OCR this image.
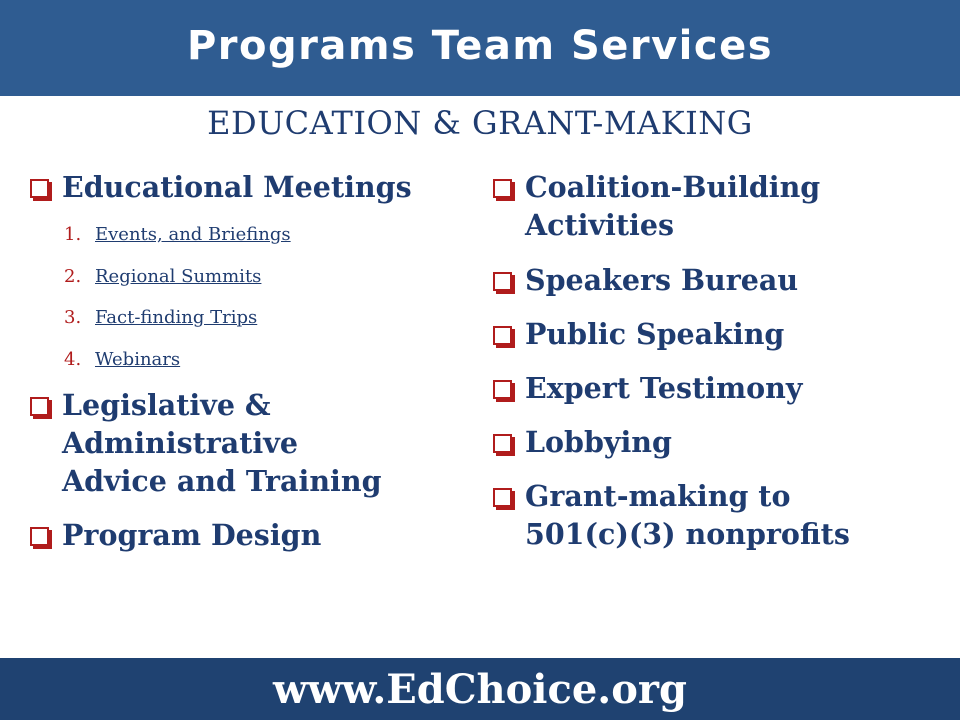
Programs Team Services
EDUCATION & GRANT-MAKING
Educational Meetings
1. Events, and Briefings
2. Regional Summits
3. Fact-finding Trips
4. Webinars
Legislative &
Administrative
Advice and Training
Program Design
Coalition-Building
Activities
Speakers Bureau
Public Speaking
Expert Testimony
Lobbying
Grant-making to
501(c)(3) nonprofits
www.EdChoice.org
